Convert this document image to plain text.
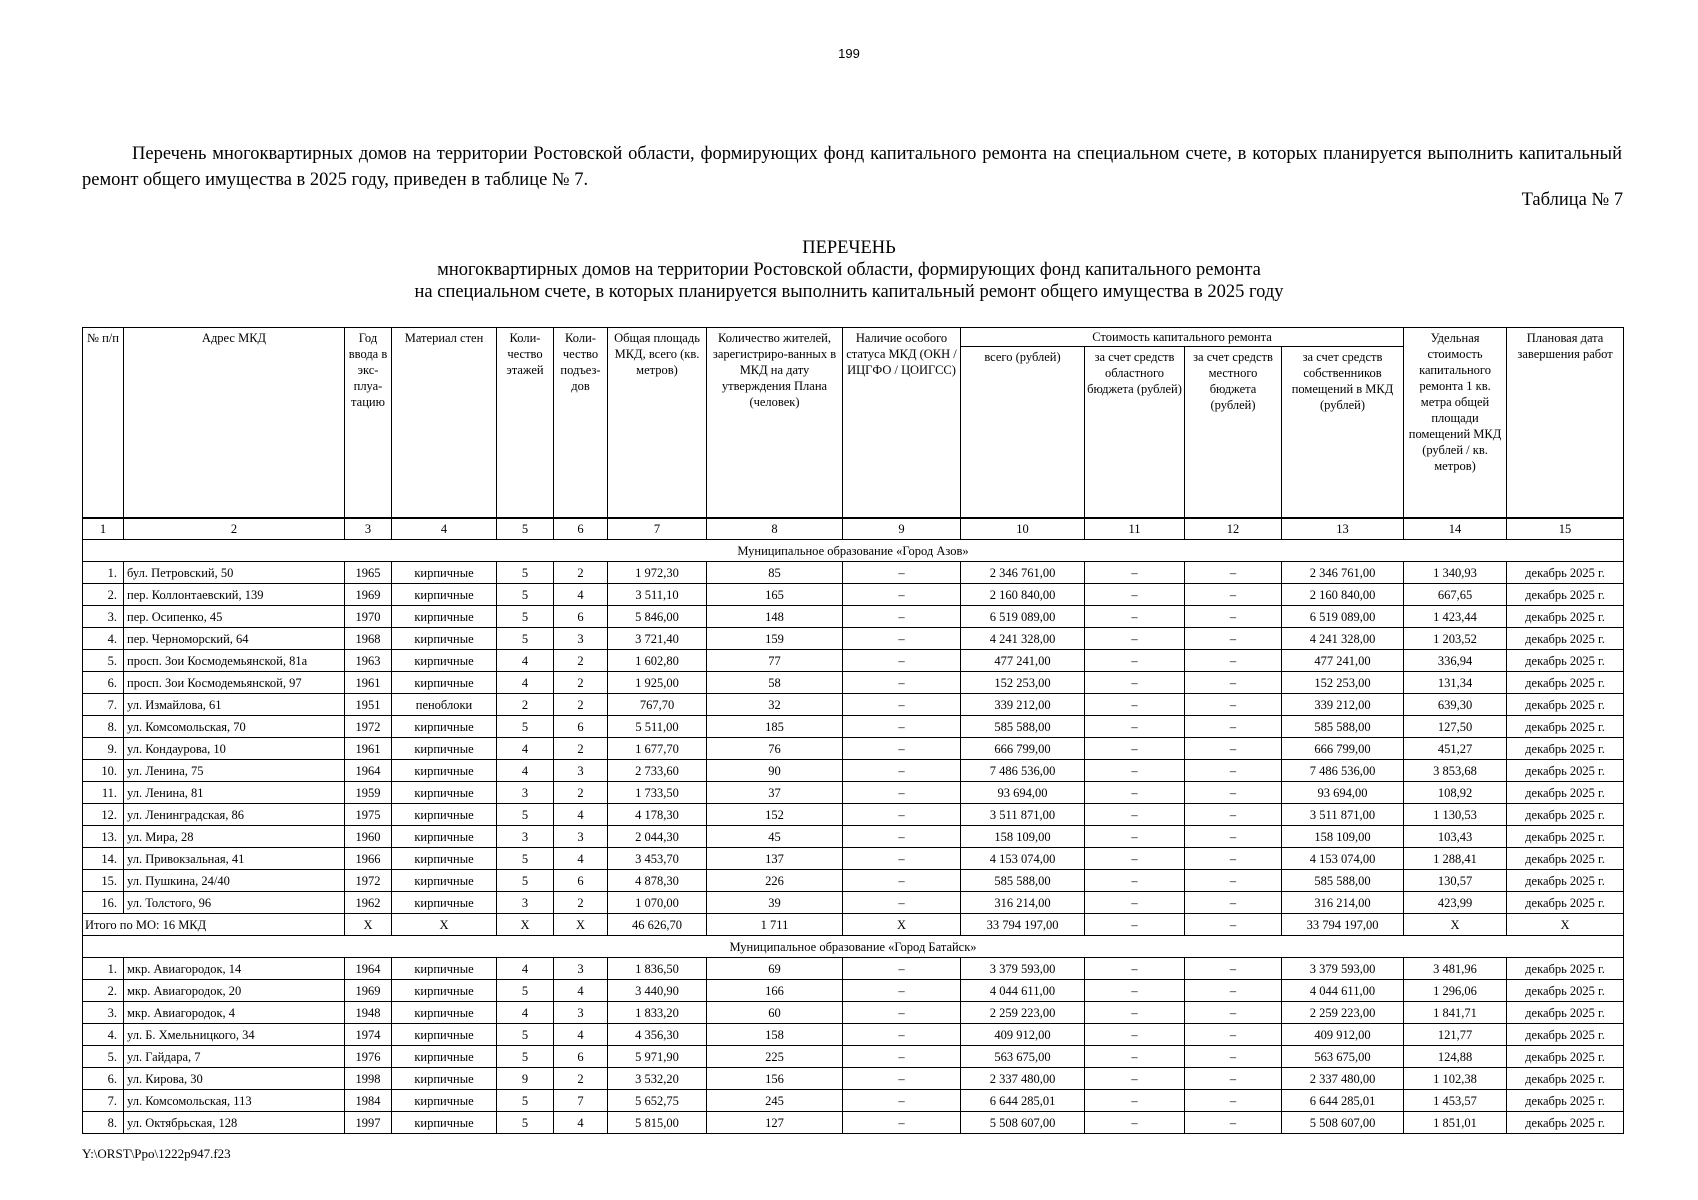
199

Перечень многоквартирных домов на территории Ростовской области, формирующих фонд капитального ремонта на специальном счете, в которых планируется выполнить капитальный ремонт общего имущества в 2025 году, приведен в таблице № 7.

Таблица № 7
ПЕРЕЧЕНЬ
многоквартирных домов на территории Ростовской области, формирующих фонд капитального ремонта
на специальном счете, в которых планируется выполнить капитальный ремонт общего имущества в 2025 году
№ п/п	Адрес МКД	Год ввода в экс-плуа-тацию	Материал стен	Коли-чество этажей	Коли-чество подъез-дов	Общая площадь МКД, всего (кв. метров)	Количество жителей, зарегистриро-ванных в МКД на дату утверждения Плана (человек)	Наличие особого статуса МКД (ОКН / ИЦГФО / ЦОИГСС)	Стоимость капитального ремонта				Удельная стоимость капитального ремонта 1 кв. метра общей площади помещений МКД (рублей / кв. метров)	Плановая дата завершения работ
									всего (рублей)	за счет средств областного бюджета (рублей)	за счет средств местного бюджета (рублей)	за счет средств собственников помещений в МКД (рублей)		
1	2	3	4	5	6	7	8	9	10	11	12	13	14	15
Муниципальное образование «Город Азов»														
1.	бул. Петровский, 50	1965	кирпичные	5	2	1 972,30	85	–	2 346 761,00	–	–	2 346 761,00	1 340,93	декабрь 2025 г.
2.	пер. Коллонтаевский, 139	1969	кирпичные	5	4	3 511,10	165	–	2 160 840,00	–	–	2 160 840,00	667,65	декабрь 2025 г.
3.	пер. Осипенко, 45	1970	кирпичные	5	6	5 846,00	148	–	6 519 089,00	–	–	6 519 089,00	1 423,44	декабрь 2025 г.
4.	пер. Черноморский, 64	1968	кирпичные	5	3	3 721,40	159	–	4 241 328,00	–	–	4 241 328,00	1 203,52	декабрь 2025 г.
5.	просп. Зои Космодемьянской, 81а	1963	кирпичные	4	2	1 602,80	77	–	477 241,00	–	–	477 241,00	336,94	декабрь 2025 г.
6.	просп. Зои Космодемьянской, 97	1961	кирпичные	4	2	1 925,00	58	–	152 253,00	–	–	152 253,00	131,34	декабрь 2025 г.
7.	ул. Измайлова, 61	1951	пеноблоки	2	2	767,70	32	–	339 212,00	–	–	339 212,00	639,30	декабрь 2025 г.
8.	ул. Комсомольская, 70	1972	кирпичные	5	6	5 511,00	185	–	585 588,00	–	–	585 588,00	127,50	декабрь 2025 г.
9.	ул. Кондаурова, 10	1961	кирпичные	4	2	1 677,70	76	–	666 799,00	–	–	666 799,00	451,27	декабрь 2025 г.
10.	ул. Ленина, 75	1964	кирпичные	4	3	2 733,60	90	–	7 486 536,00	–	–	7 486 536,00	3 853,68	декабрь 2025 г.
11.	ул. Ленина, 81	1959	кирпичные	3	2	1 733,50	37	–	93 694,00	–	–	93 694,00	108,92	декабрь 2025 г.
12.	ул. Ленинградская, 86	1975	кирпичные	5	4	4 178,30	152	–	3 511 871,00	–	–	3 511 871,00	1 130,53	декабрь 2025 г.
13.	ул. Мира, 28	1960	кирпичные	3	3	2 044,30	45	–	158 109,00	–	–	158 109,00	103,43	декабрь 2025 г.
14.	ул. Привокзальная, 41	1966	кирпичные	5	4	3 453,70	137	–	4 153 074,00	–	–	4 153 074,00	1 288,41	декабрь 2025 г.
15.	ул. Пушкина, 24/40	1972	кирпичные	5	6	4 878,30	226	–	585 588,00	–	–	585 588,00	130,57	декабрь 2025 г.
16.	ул. Толстого, 96	1962	кирпичные	3	2	1 070,00	39	–	316 214,00	–	–	316 214,00	423,99	декабрь 2025 г.
Итого по МО: 16 МКД		X	X	X	X	46 626,70	1 711	X	33 794 197,00	–	–	33 794 197,00	X	X
Муниципальное образование «Город Батайск»														
1.	мкр. Авиагородок, 14	1964	кирпичные	4	3	1 836,50	69	–	3 379 593,00	–	–	3 379 593,00	3 481,96	декабрь 2025 г.
2.	мкр. Авиагородок, 20	1969	кирпичные	5	4	3 440,90	166	–	4 044 611,00	–	–	4 044 611,00	1 296,06	декабрь 2025 г.
3.	мкр. Авиагородок, 4	1948	кирпичные	4	3	1 833,20	60	–	2 259 223,00	–	–	2 259 223,00	1 841,71	декабрь 2025 г.
4.	ул. Б. Хмельницкого, 34	1974	кирпичные	5	4	4 356,30	158	–	409 912,00	–	–	409 912,00	121,77	декабрь 2025 г.
5.	ул. Гайдара, 7	1976	кирпичные	5	6	5 971,90	225	–	563 675,00	–	–	563 675,00	124,88	декабрь 2025 г.
6.	ул. Кирова, 30	1998	кирпичные	9	2	3 532,20	156	–	2 337 480,00	–	–	2 337 480,00	1 102,38	декабрь 2025 г.
7.	ул. Комсомольская, 113	1984	кирпичные	5	7	5 652,75	245	–	6 644 285,01	–	–	6 644 285,01	1 453,57	декабрь 2025 г.
8.	ул. Октябрьская, 128	1997	кирпичные	5	4	5 815,00	127	–	5 508 607,00	–	–	5 508 607,00	1 851,01	декабрь 2025 г.
Y:\ORST\Ppo\1222p947.f23
